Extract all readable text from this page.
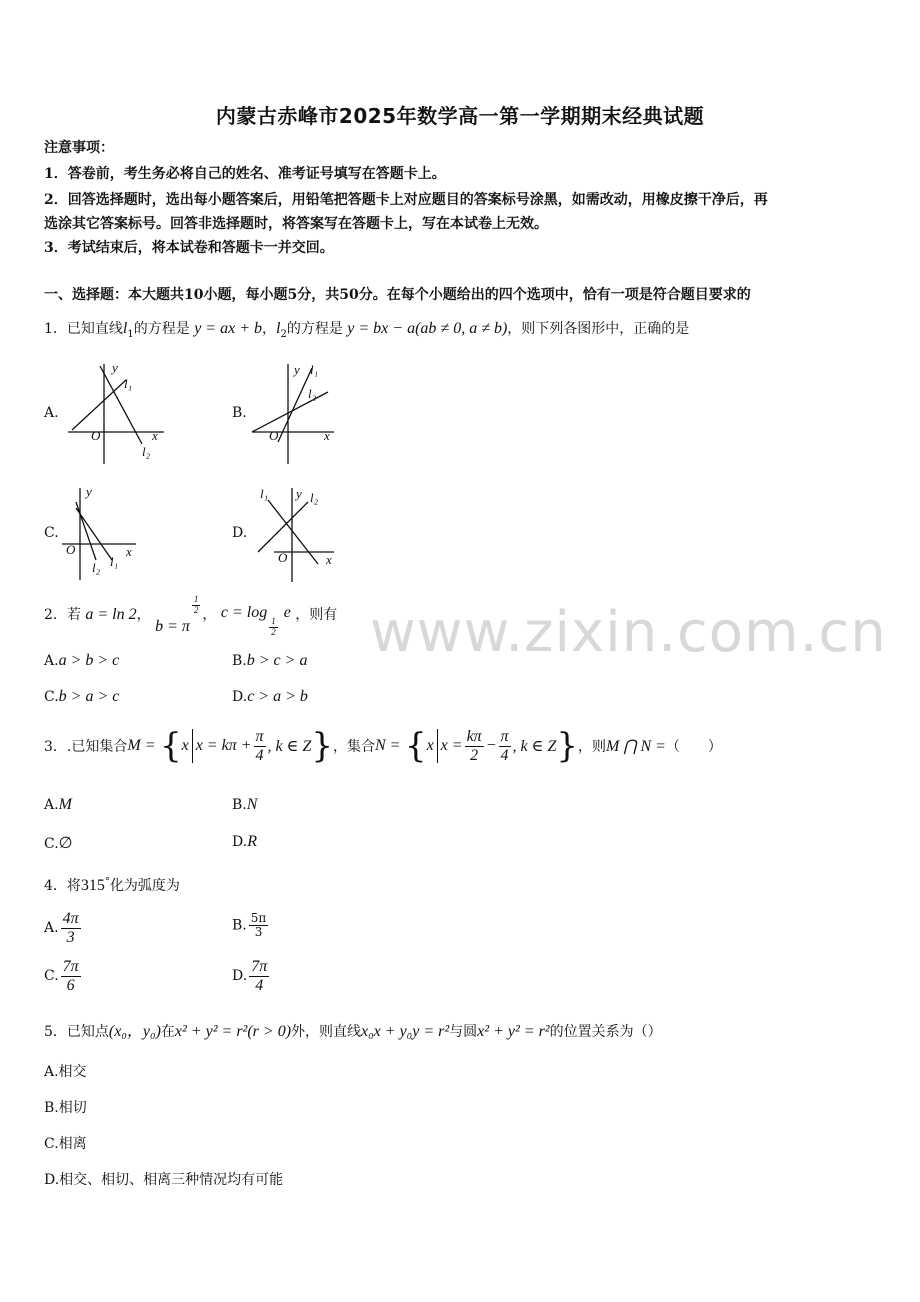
内蒙古赤峰市2025年数学高一第一学期期末经典试题
注意事项：
1．答卷前，考生务必将自己的姓名、准考证号填写在答题卡上。
2．回答选择题时，选出每小题答案后，用铅笔把答题卡上对应题目的答案标号涂黑，如需改动，用橡皮擦干净后，再
选涂其它答案标号。回答非选择题时，将答案写在答题卡上，写在本试卷上无效。
3．考试结束后，将本试卷和答题卡一并交回。
一、选择题：本大题共10小题，每小题5分，共50分。在每个小题给出的四个选项中，恰有一项是符合题目要求的
1．已知直线$l_1$的方程是 y = ax + b，$l_2$的方程是 y = bx − a(ab ≠ 0, a ≠ b)，则下列各图形中，正确的是
A.
y
x
O
l₁
l₂
B.
y
x
O
l₁
l₂
C.
y
x
O
l₂ l₁
D.
y
x
O
l₁	l₂
www.zixin.com.cn
2．若 a = ln 2， b = π
$\frac{1}{2}$ ， c = log
$\frac{1}{2}$
e ，则有
A.a > b > c	B.b > c > a
C.b > a > c	D.c > a > b
3．.已知集合M = {x $x = k\pi + \frac{\pi}{4}$ , k ∈ Z}，集合N = {x $x = \frac{k\pi}{2} - \frac{\pi}{4}$ , k ∈ Z}，则M ⋂ N =（　　）
A.M	B.N
C.∅	D.R
4．将315°化为弧度为
A. $\frac{4\pi}{3}$	B. $\frac{5\pi}{3}$
C. $\frac{7\pi}{6}$	D. $\frac{7\pi}{4}$
5．已知点(x₀，y₀)在x² + y² = r²(r > 0)外，则直线x₀x + y₀y = r²与圆x² + y² = r²的位置关系为（）
A.相交
B.相切
C.相离
D.相交、相切、相离三种情况均有可能
